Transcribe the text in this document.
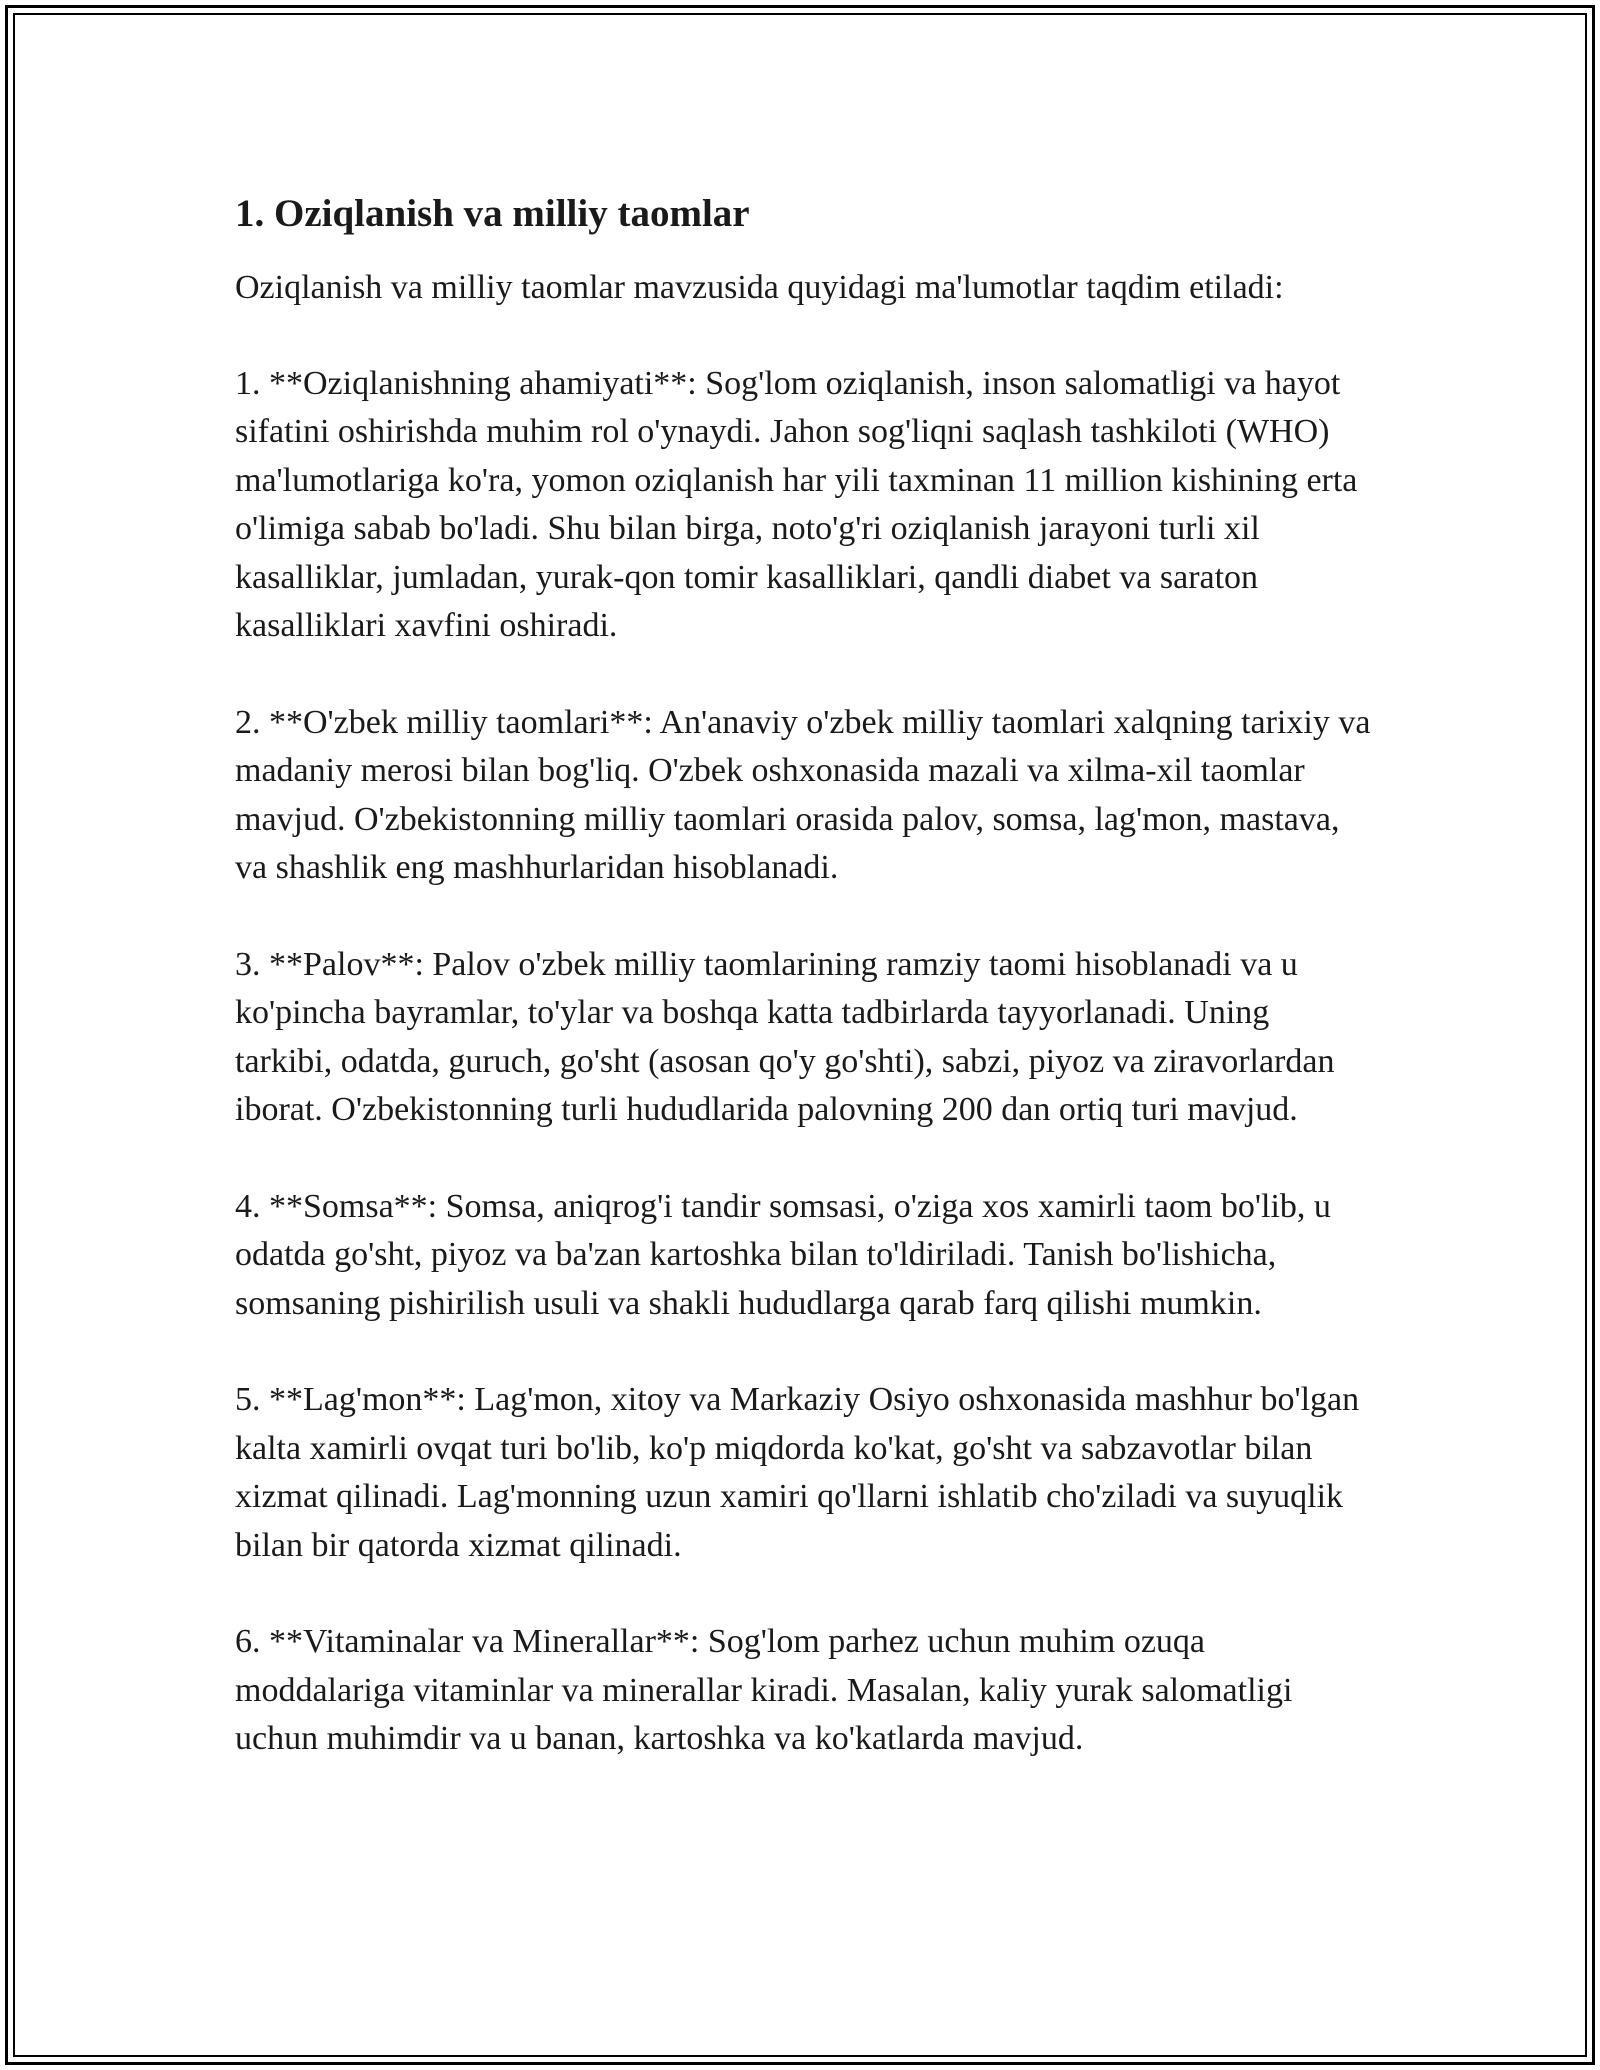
1. Oziqlanish va milliy taomlar

Oziqlanish va milliy taomlar mavzusida quyidagi ma'lumotlar taqdim etiladi:

1. **Oziqlanishning ahamiyati**: Sog'lom oziqlanish, inson salomatligi va hayot sifatini oshirishda muhim rol o'ynaydi. Jahon sog'liqni saqlash tashkiloti (WHO) ma'lumotlariga ko'ra, yomon oziqlanish har yili taxminan 11 million kishining erta o'limiga sabab bo'ladi. Shu bilan birga, noto'g'ri oziqlanish jarayoni turli xil kasalliklar, jumladan, yurak-qon tomir kasalliklari, qandli diabet va saraton kasalliklari xavfini oshiradi.

2. **O'zbek milliy taomlari**: An'anaviy o'zbek milliy taomlari xalqning tarixiy va madaniy merosi bilan bog'liq. O'zbek oshxonasida mazali va xilma-xil taomlar mavjud. O'zbekistonning milliy taomlari orasida palov, somsa, lag'mon, mastava, va shashlik eng mashhurlaridan hisoblanadi.

3. **Palov**: Palov o'zbek milliy taomlarining ramziy taomi hisoblanadi va u ko'pincha bayramlar, to'ylar va boshqa katta tadbirlarda tayyorlanadi. Uning tarkibi, odatda, guruch, go'sht (asosan qo'y go'shti), sabzi, piyoz va ziravorlardan iborat. O'zbekistonning turli hududlarida palovning 200 dan ortiq turi mavjud.

4. **Somsa**: Somsa, aniqrog'i tandir somsasi, o'ziga xos xamirli taom bo'lib, u odatda go'sht, piyoz va ba'zan kartoshka bilan to'ldiriladi. Tanish bo'lishicha, somsaning pishirilish usuli va shakli hududlarga qarab farq qilishi mumkin.

5. **Lag'mon**: Lag'mon, xitoy va Markaziy Osiyo oshxonasida mashhur bo'lgan kalta xamirli ovqat turi bo'lib, ko'p miqdorda ko'kat, go'sht va sabzavotlar bilan xizmat qilinadi. Lag'monning uzun xamiri qo'llarni ishlatib cho'ziladi va suyuqlik bilan bir qatorda xizmat qilinadi.

6. **Vitaminalar va Minerallar**: Sog'lom parhez uchun muhim ozuqa moddalariga vitaminlar va minerallar kiradi. Masalan, kaliy yurak salomatligi uchun muhimdir va u banan, kartoshka va ko'katlarda mavjud.
